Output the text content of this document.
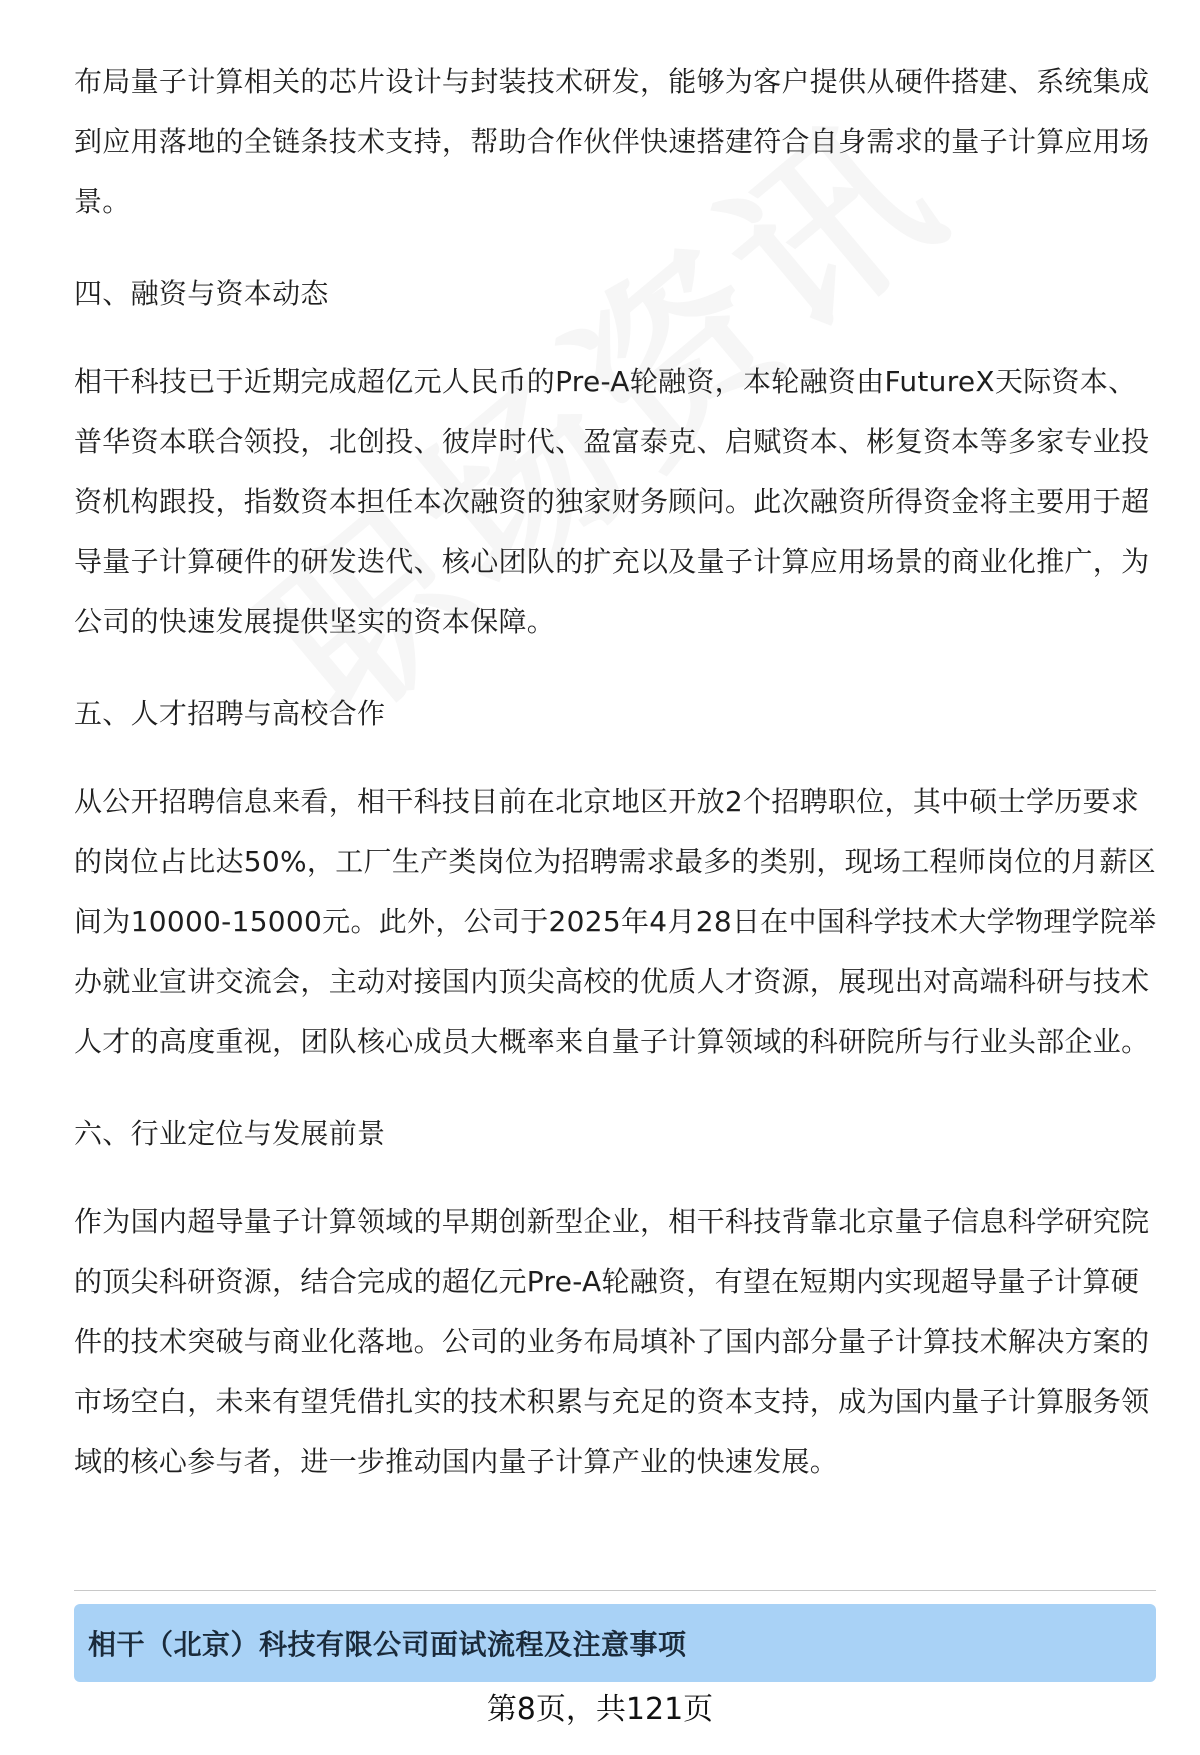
布局量子计算相关的芯片设计与封装技术研发，能够为客户提供从硬件搭建、系统集成到应用落地的全链条技术支持，帮助合作伙伴快速搭建符合自身需求的量子计算应用场景。

四、融资与资本动态

相干科技已于近期完成超亿元人民币的Pre-A轮融资，本轮融资由FutureX天际资本、普华资本联合领投，北创投、彼岸时代、盈富泰克、启赋资本、彬复资本等多家专业投资机构跟投，指数资本担任本次融资的独家财务顾问。此次融资所得资金将主要用于超导量子计算硬件的研发迭代、核心团队的扩充以及量子计算应用场景的商业化推广，为公司的快速发展提供坚实的资本保障。

五、人才招聘与高校合作

从公开招聘信息来看，相干科技目前在北京地区开放2个招聘职位，其中硕士学历要求的岗位占比达50%，工厂生产类岗位为招聘需求最多的类别，现场工程师岗位的月薪区间为10000-15000元。此外，公司于2025年4月28日在中国科学技术大学物理学院举办就业宣讲交流会，主动对接国内顶尖高校的优质人才资源，展现出对高端科研与技术人才的高度重视，团队核心成员大概率来自量子计算领域的科研院所与行业头部企业。

六、行业定位与发展前景

作为国内超导量子计算领域的早期创新型企业，相干科技背靠北京量子信息科学研究院的顶尖科研资源，结合完成的超亿元Pre-A轮融资，有望在短期内实现超导量子计算硬件的技术突破与商业化落地。公司的业务布局填补了国内部分量子计算技术解决方案的市场空白，未来有望凭借扎实的技术积累与充足的资本支持，成为国内量子计算服务领域的核心参与者，进一步推动国内量子计算产业的快速发展。

相干（北京）科技有限公司面试流程及注意事项
第8页，共121页
